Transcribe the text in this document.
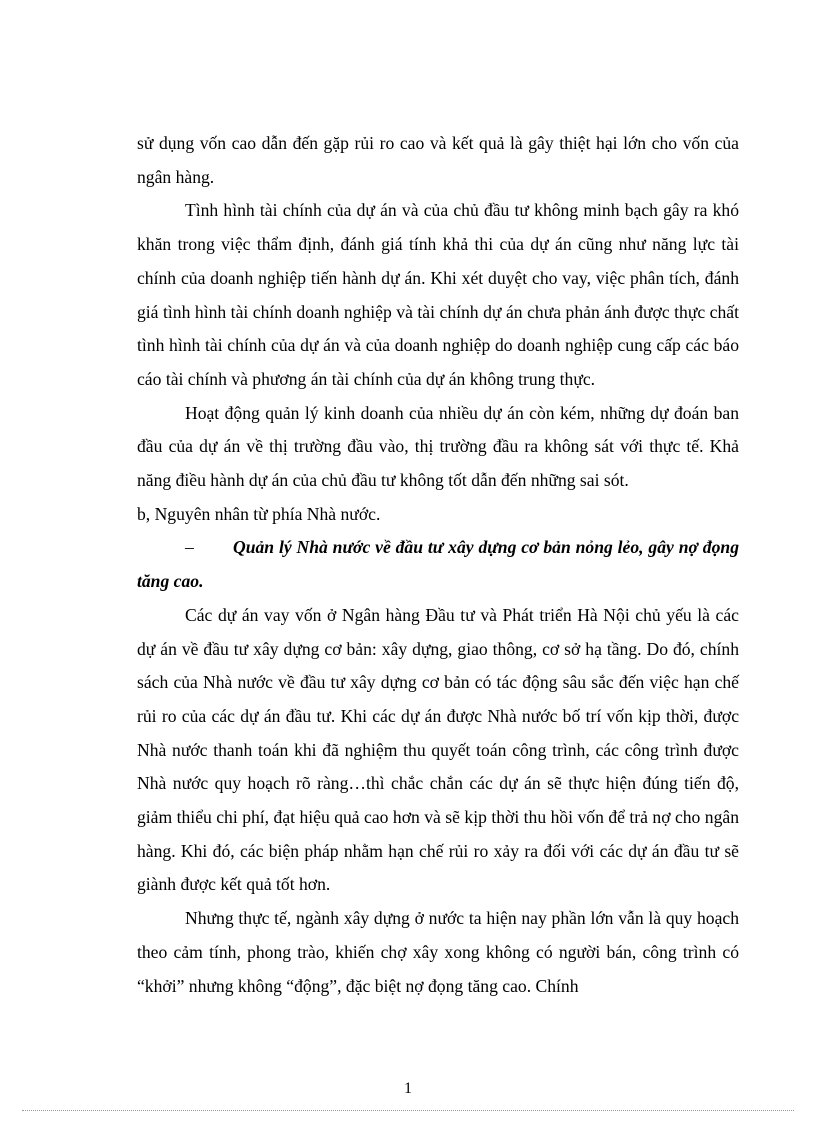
sử dụng vốn cao dẫn đến gặp rủi ro cao và kết quả là gây thiệt hại lớn cho vốn của ngân hàng.

Tình hình tài chính của dự án và của chủ đầu tư không minh bạch gây ra khó khăn trong việc thẩm định, đánh giá tính khả thi của dự án cũng như năng lực tài chính của doanh nghiệp tiến hành dự án. Khi xét duyệt cho vay, việc phân tích, đánh giá tình hình tài chính doanh nghiệp và tài chính dự án chưa phản ánh được thực chất tình hình tài chính của dự án và của doanh nghiệp do doanh nghiệp cung cấp các báo cáo tài chính và phương án tài chính của dự án không trung thực.

Hoạt động quản lý kinh doanh của nhiều dự án còn kém, những dự đoán ban đầu của dự án về thị trường đầu vào, thị trường đầu ra không sát với thực tế. Khả năng điều hành dự án của chủ đầu tư không tốt dẫn đến những sai sót.

b, Nguyên nhân từ phía Nhà nước.

– Quản lý Nhà nước về đầu tư xây dựng cơ bản nỏng lẻo, gây nợ đọng tăng cao.

Các dự án vay vốn ở Ngân hàng Đầu tư và Phát triển Hà Nội chủ yếu là các dự án về đầu tư xây dựng cơ bản: xây dựng, giao thông, cơ sở hạ tầng. Do đó, chính sách của Nhà nước về đầu tư xây dựng cơ bản có tác động sâu sắc đến việc hạn chế rủi ro của các dự án đầu tư. Khi các dự án được Nhà nước bố trí vốn kịp thời, được Nhà nước thanh toán khi đã nghiệm thu quyết toán công trình, các công trình được Nhà nước quy hoạch rõ ràng…thì chắc chắn các dự án sẽ thực hiện đúng tiến độ, giảm thiểu chi phí, đạt hiệu quả cao hơn và sẽ kịp thời thu hồi vốn để trả nợ cho ngân hàng. Khi đó, các biện pháp nhằm hạn chế rủi ro xảy ra đối với các dự án đầu tư sẽ giành được kết quả tốt hơn.

Nhưng thực tế, ngành xây dựng ở nước ta hiện nay phần lớn vẫn là quy hoạch theo cảm tính, phong trào, khiến chợ xây xong không có người bán, công trình có “khởi” nhưng không “động”, đặc biệt nợ đọng tăng cao. Chính

1
